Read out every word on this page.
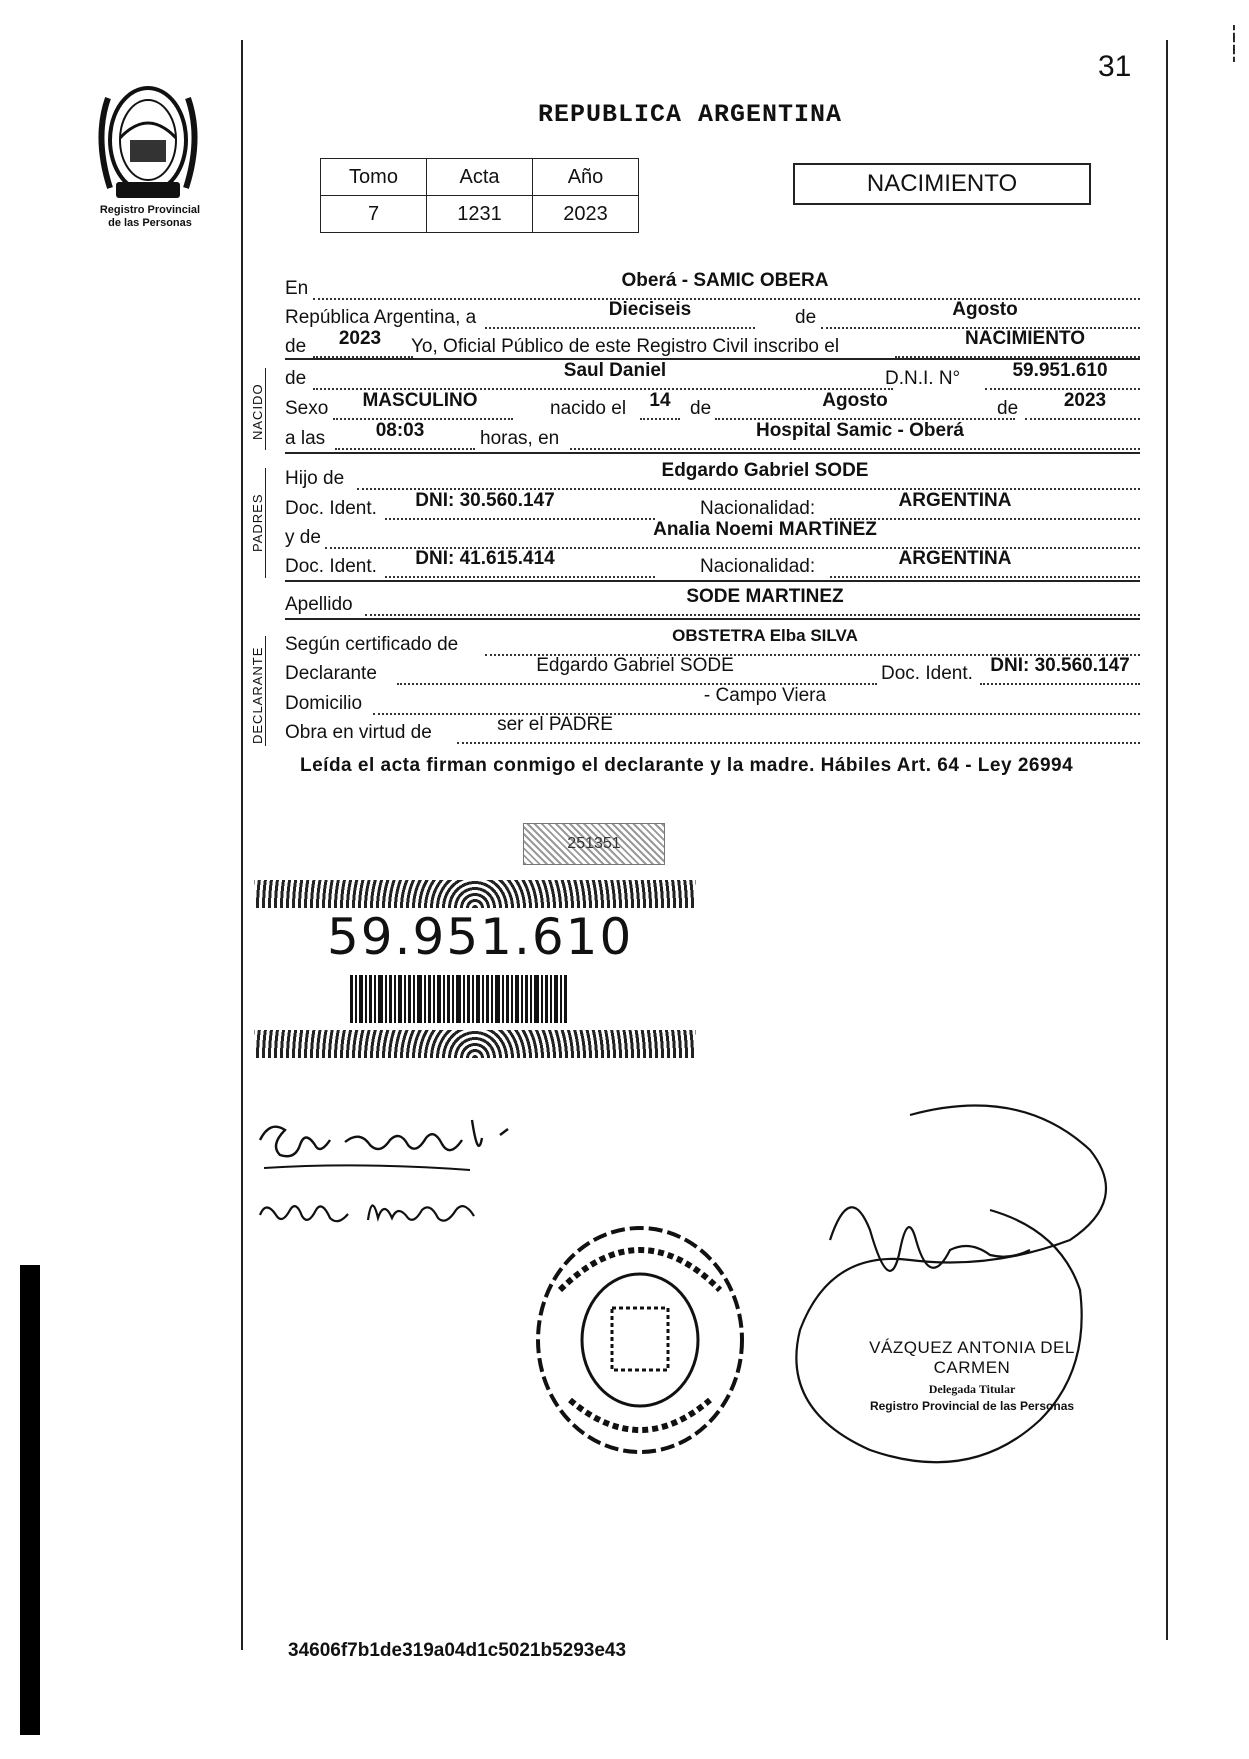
Registro Provincial
de las Personas
31
¦
¦
¦
REPUBLICA ARGENTINA
Tomo	Acta	Año
7	1231	2023
NACIMIENTO
En	Oberá - SAMIC OBERA
República Argentina, a	Dieciseis	de	Agosto
de	2023	Yo, Oficial Público de este Registro Civil inscribo el	NACIMIENTO
de	Saul Daniel	D.N.I. N°	59.951.610
Sexo	MASCULINO	nacido el	14	de	Agosto	de	2023
a las	08:03	horas, en	Hospital Samic - Oberá
Hijo de	Edgardo Gabriel SODE
Doc. Ident.	DNI: 30.560.147	Nacionalidad:	ARGENTINA
y de	Analia Noemi MARTINEZ
Doc. Ident.	DNI: 41.615.414	Nacionalidad:	ARGENTINA
Apellido	SODE MARTINEZ
Según certificado de	OBSTETRA Elba SILVA
Declarante	Edgardo Gabriel SODE	Doc. Ident. DNI: 30.560.147
Domicilio	- Campo Viera
Obra en virtud de	ser el PADRE
NACIDO
PADRES
DECLARANTE
Leída el acta firman conmigo el declarante y la madre. Hábiles Art. 64 - Ley 26994
251351
59.951.610
VÁZQUEZ ANTONIA DEL CARMEN
Delegada Titular
Registro Provincial de las Personas
34606f7b1de319a04d1c5021b5293e43
